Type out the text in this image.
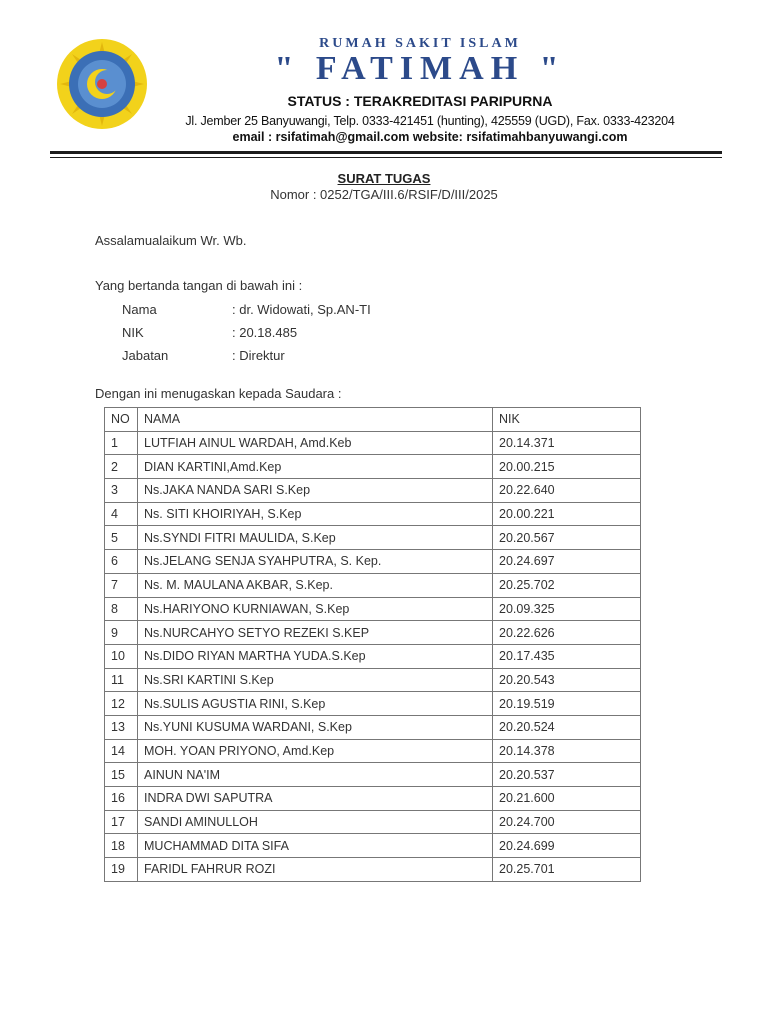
RUMAH SAKIT ISLAM
" FATIMAH "
STATUS : TERAKREDITASI PARIPURNA
Jl. Jember 25 Banyuwangi, Telp. 0333-421451 (hunting), 425559 (UGD), Fax. 0333-423204
email : rsifatimah@gmail.com website: rsifatimahbanyuwangi.com
SURAT TUGAS
Nomor : 0252/TGA/III.6/RSIF/D/III/2025
Assalamualaikum Wr. Wb.
Yang bertanda tangan di bawah ini :
Nama	: dr. Widowati, Sp.AN-TI
NIK	: 20.18.485
Jabatan	: Direktur
Dengan ini menugaskan kepada Saudara :
NO	NAMA	NIK
1	LUTFIAH AINUL WARDAH, Amd.Keb	20.14.371
2	DIAN KARTINI,Amd.Kep	20.00.215
3	Ns.JAKA NANDA SARI S.Kep	20.22.640
4	Ns. SITI KHOIRIYAH, S.Kep	20.00.221
5	Ns.SYNDI FITRI MAULIDA, S.Kep	20.20.567
6	Ns.JELANG SENJA SYAHPUTRA, S. Kep.	20.24.697
7	Ns. M. MAULANA AKBAR, S.Kep.	20.25.702
8	Ns.HARIYONO KURNIAWAN, S.Kep	20.09.325
9	Ns.NURCAHYO SETYO REZEKI S.KEP	20.22.626
10	Ns.DIDO RIYAN MARTHA YUDA.S.Kep	20.17.435
11	Ns.SRI KARTINI S.Kep	20.20.543
12	Ns.SULIS AGUSTIA RINI, S.Kep	20.19.519
13	Ns.YUNI KUSUMA WARDANI, S.Kep	20.20.524
14	MOH. YOAN PRIYONO, Amd.Kep	20.14.378
15	AINUN NA'IM	20.20.537
16	INDRA DWI SAPUTRA	20.21.600
17	SANDI AMINULLOH	20.24.700
18	MUCHAMMAD DITA SIFA	20.24.699
19	FARIDL FAHRUR ROZI	20.25.701
